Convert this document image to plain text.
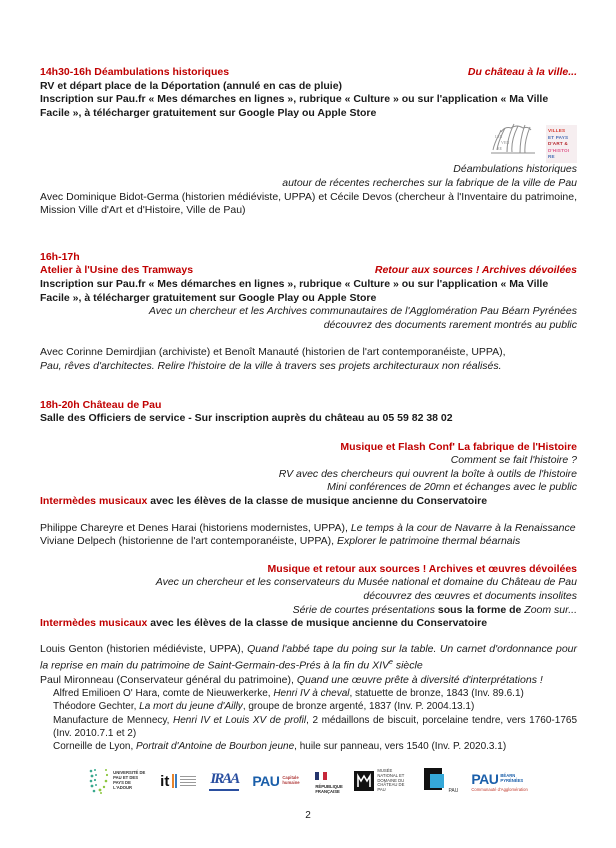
14h30-16h Déambulations historiques	Du château à la ville...

RV et départ place de la Déportation (annulé en cas de pluie)

Inscription sur Pau.fr « Mes démarches en lignes », rubrique « Culture » ou sur l'application « Ma Ville Facile », à télécharger gratuitement sur Google Play ou Apple Store

L'IN
VEN
RE
VILLES
ET PAYS
D'ART &
D'HISTOI
RE

Déambulations historiques

autour de récentes recherches sur la fabrique de la ville de Pau

Avec Dominique Bidot-Germa (historien médiéviste, UPPA) et Cécile Devos (chercheur à l'Inventaire du patrimoine, Mission Ville d'Art et d'Histoire, Ville de Pau)

16h-17h

Atelier à l'Usine des Tramways	Retour aux sources ! Archives dévoilées

Inscription sur Pau.fr « Mes démarches en lignes », rubrique « Culture » ou sur l'application « Ma Ville Facile », à télécharger gratuitement sur Google Play ou Apple Store

Avec un chercheur et les Archives communautaires de l'Agglomération Pau Béarn Pyrénées

découvrez des documents rarement montrés au public

Avec Corinne Demirdjian (archiviste) et Benoît Manauté (historien de l'art contemporanéiste, UPPA),

Pau, rêves d'architectes. Relire l'histoire de la ville à travers ses projets architecturaux non réalisés.

18h-20h Château de Pau

Salle des Officiers de service - Sur inscription auprès du château au 05 59 82 38 02

Musique et Flash Conf' La fabrique de l'Histoire

Comment se fait l'histoire ?

RV avec des chercheurs qui ouvrent la boîte à outils de l'histoire

Mini conférences de 20mn et échanges avec le public

Intermèdes musicaux avec les élèves de la classe de musique ancienne du Conservatoire

Philippe Chareyre et Denes Harai (historiens modernistes, UPPA), Le temps à la cour de Navarre à la Renaissance

Viviane Delpech (historienne de l'art contemporanéiste, UPPA), Explorer le patrimoine thermal béarnais

Musique et retour aux sources ! Archives et œuvres dévoilées

Avec un chercheur et les conservateurs du Musée national et domaine du Château de Pau

découvrez des œuvres et documents insolites

Série de courtes présentations sous la forme de Zoom sur...

Intermèdes musicaux avec les élèves de la classe de musique ancienne du Conservatoire

Louis Genton (historien médiéviste, UPPA), Quand l'abbé tape du poing sur la table. Un carnet d'ordonnance pour la reprise en main du patrimoine de Saint-Germain-des-Prés à la fin du XIVe siècle

Paul Mironneau (Conservateur général du patrimoine), Quand une œuvre prête à diversité d'interprétations !

Alfred Emilioen O' Hara, comte de Nieuwerkerke, Henri IV à cheval, statuette de bronze, 1843 (Inv. 89.6.1)

Théodore Gechter, La mort du jeune d'Ailly, groupe de bronze argenté, 1837 (Inv. P. 2004.13.1)

Manufacture de Mennecy, Henri IV et Louis XV de profil, 2 médaillons de biscuit, porcelaine tendre, vers 1760-1765 (Inv. 2010.7.1 et 2)

Corneille de Lyon, Portrait d'Antoine de Bourbon jeune, huile sur panneau, vers 1540 (Inv. P. 2020.3.1)

UNIVERSITÉ DE PAU ET DES PAYS DE L'ADOUR	it	IRAA PAU Capitale humaine
RÉPUBLIQUE FRANÇAISE
MUSÉE NATIONAL ET DOMAINE DU CHÂTEAU DE PAU	PAU
PAU BÉARN PYRÉNÉES
Communauté d'Agglomération
2
